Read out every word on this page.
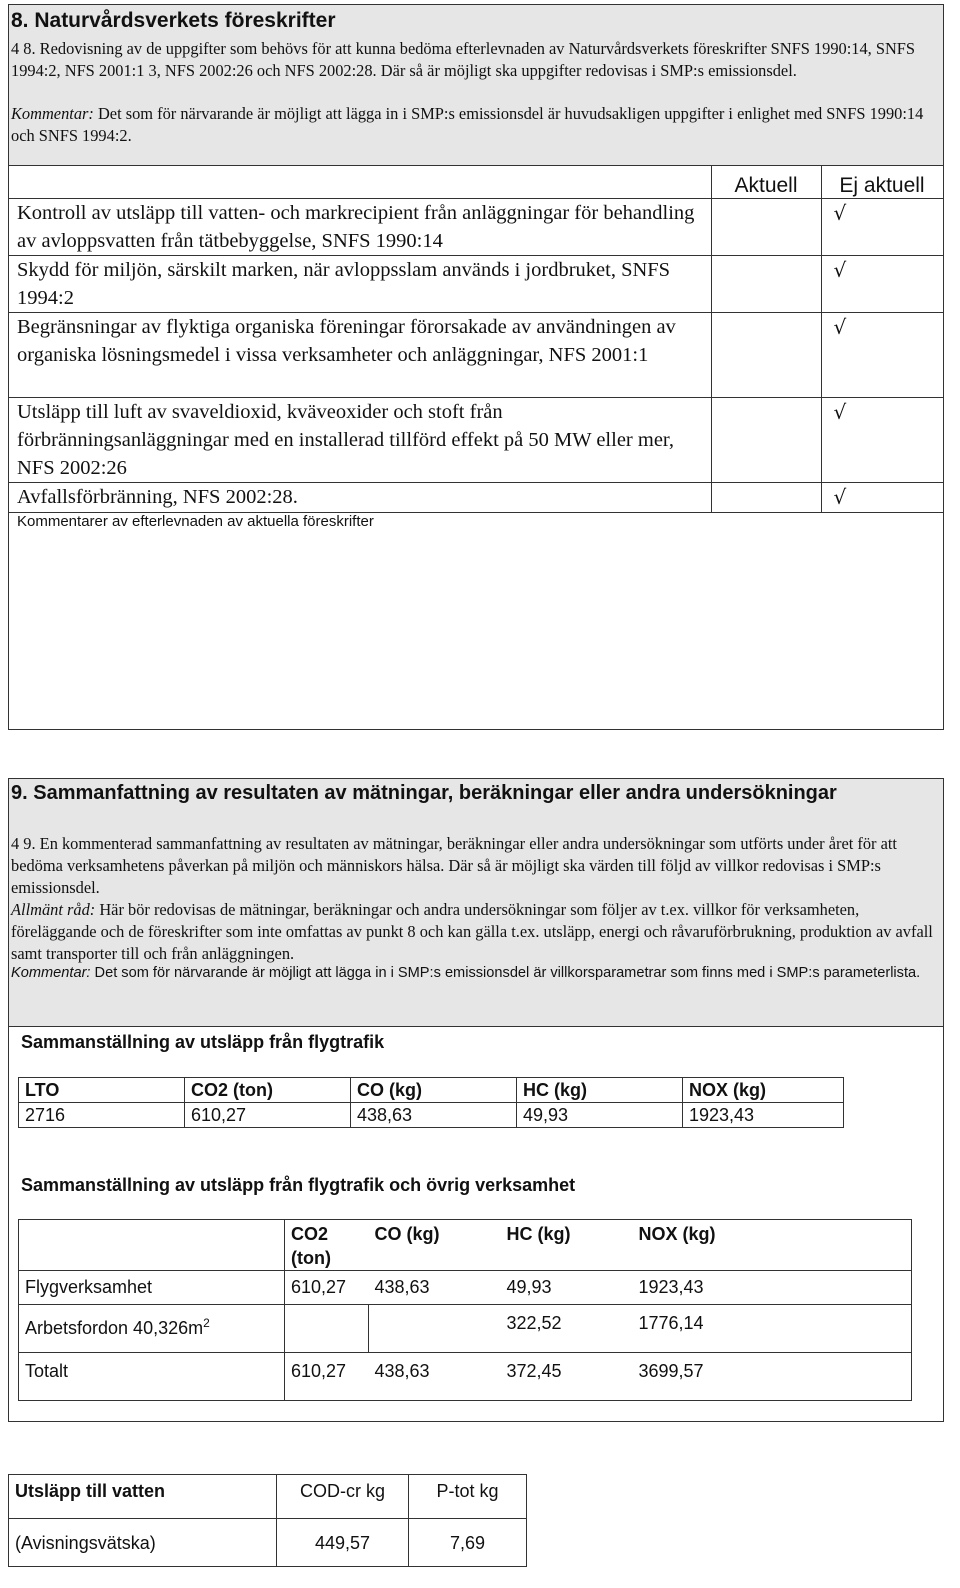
8. Naturvårdsverkets föreskrifter
4 8. Redovisning av de uppgifter som behövs för att kunna bedöma efterlevnaden av Naturvårdsverkets föreskrifter SNFS 1990:14, SNFS 1994:2, NFS 2001:1 3, NFS 2002:26 och NFS 2002:28. Där så är möjligt ska uppgifter redovisas i SMP:s emissionsdel.
Kommentar: Det som för närvarande är möjligt att lägga in i SMP:s emissionsdel är huvudsakligen uppgifter i enlighet med SNFS 1990:14 och SNFS 1994:2.
	Aktuell	Ej aktuell
Kontroll av utsläpp till vatten- och markrecipient från anläggningar för behandling av avloppsvatten från tätbebyggelse, SNFS 1990:14		√
Skydd för miljön, särskilt marken, när avloppsslam används i jordbruket, SNFS 1994:2		√
Begränsningar av flyktiga organiska föreningar förorsakade av användningen av organiska lösningsmedel i vissa verksamheter och anläggningar, NFS 2001:1		√
Utsläpp till luft av svaveldioxid, kväveoxider och stoft från förbränningsanläggningar med en installerad tillförd effekt på 50 MW eller mer, NFS 2002:26		√
Avfallsförbränning, NFS 2002:28.		√
Kommentarer av efterlevnaden av aktuella föreskrifter
9. Sammanfattning av resultaten av mätningar, beräkningar eller andra undersökningar
4 9. En kommenterad sammanfattning av resultaten av mätningar, beräkningar eller andra undersökningar som utförts under året för att bedöma verksamhetens påverkan på miljön och människors hälsa. Där så är möjligt ska värden till följd av villkor redovisas i SMP:s emissionsdel.
Allmänt råd: Här bör redovisas de mätningar, beräkningar och andra undersökningar som följer av t.ex. villkor för verksamheten, föreläggande och de föreskrifter som inte omfattas av punkt 8 och kan gälla t.ex. utsläpp, energi och råvaruförbrukning, produktion av avfall samt transporter till och från anläggningen.
Kommentar: Det som för närvarande är möjligt att lägga in i SMP:s emissionsdel är villkorsparametrar som finns med i SMP:s parameterlista.
Sammanställning av utsläpp från flygtrafik
LTO	CO2 (ton)	CO (kg)	HC (kg)	NOX (kg)
2716	610,27	438,63	49,93	1923,43
Sammanställning av utsläpp från flygtrafik och övrig verksamhet
	CO2 (ton)	CO (kg)	HC (kg)	NOX (kg)
Flygverksamhet	610,27	438,63	49,93	1923,43
Arbetsfordon $40,326m^2$			322,52	1776,14
Totalt	610,27	438,63	372,45	3699,57
Utsläpp till vatten	COD-cr kg	P-tot kg
(Avisningsvätska)	449,57	7,69
